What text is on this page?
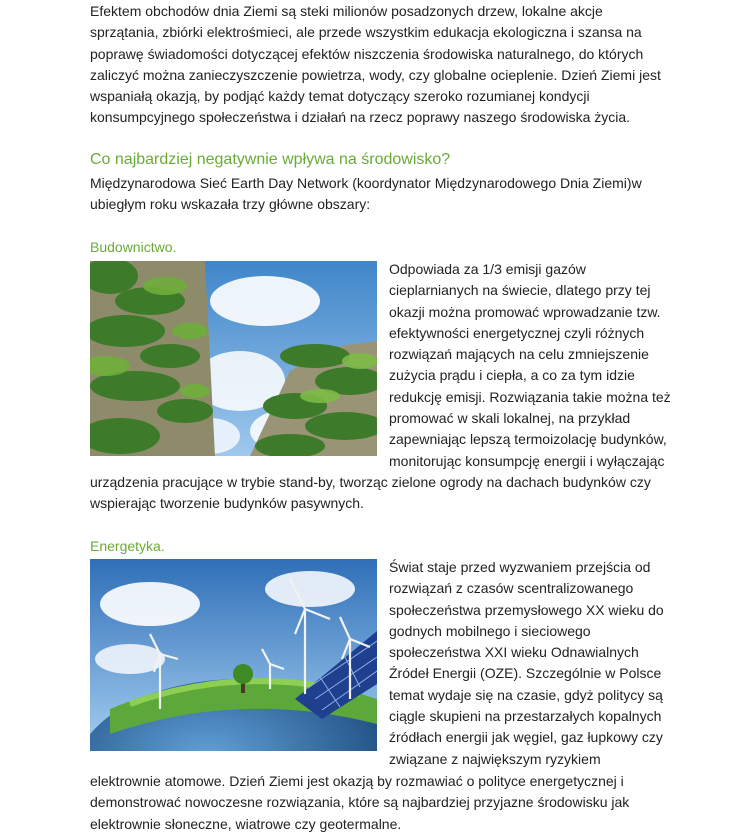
Efektem obchodów dnia Ziemi są steki milionów posadzonych drzew, lokalne akcje sprzątania, zbiórki elektrośmieci, ale przede wszystkim edukacja ekologiczna i szansa na poprawę świadomości dotyczącej efektów niszczenia środowiska naturalnego, do których zaliczyć można zanieczyszczenie powietrza, wody, czy globalne ocieplenie. Dzień Ziemi jest wspaniałą okazją, by podjąć każdy temat dotyczący szeroko rozumianej kondycji konsumpcyjnego społeczeństwa i działań na rzecz poprawy naszego środowiska życia.

Co najbardziej negatywnie wpływa na środowisko?

Międzynarodowa Sieć Earth Day Network (koordynator Międzynarodowego Dnia Ziemi)w ubiegłym roku wskazała trzy główne obszary:

Budownictwo.

Odpowiada za 1/3 emisji gazów cieplarnianych na świecie, dlatego przy tej okazji można promować wprowadzanie tzw. efektywności energetycznej czyli różnych rozwiązań mających na celu zmniejszenie zużycia prądu i ciepła, a co za tym idzie redukcję emisji. Rozwiązania takie można też promować w skali lokalnej, na przykład zapewniając lepszą termoizolację budynków, monitorując konsumpcję energii i wyłączając

urządzenia pracujące w trybie stand-by, tworząc zielone ogrody na dachach budynków czy wspierając tworzenie budynków pasywnych.

Energetyka.

Świat staje przed wyzwaniem przejścia od rozwiązań z czasów scentralizowanego społeczeństwa przemysłowego XX wieku do godnych mobilnego i sieciowego społeczeństwa XXI wieku Odnawialnych Źródeł Energii (OZE). Szczególnie w Polsce temat wydaje się na czasie, gdyż politycy są ciągle skupieni na przestarzałych kopalnych źródłach energii jak węgiel, gaz łupkowy czy związane z największym ryzykiem

elektrownie atomowe. Dzień Ziemi jest okazją by rozmawiać o polityce energetycznej i demonstrować nowoczesne rozwiązania, które są najbardziej przyjazne środowisku jak elektrownie słoneczne, wiatrowe czy geotermalne.
